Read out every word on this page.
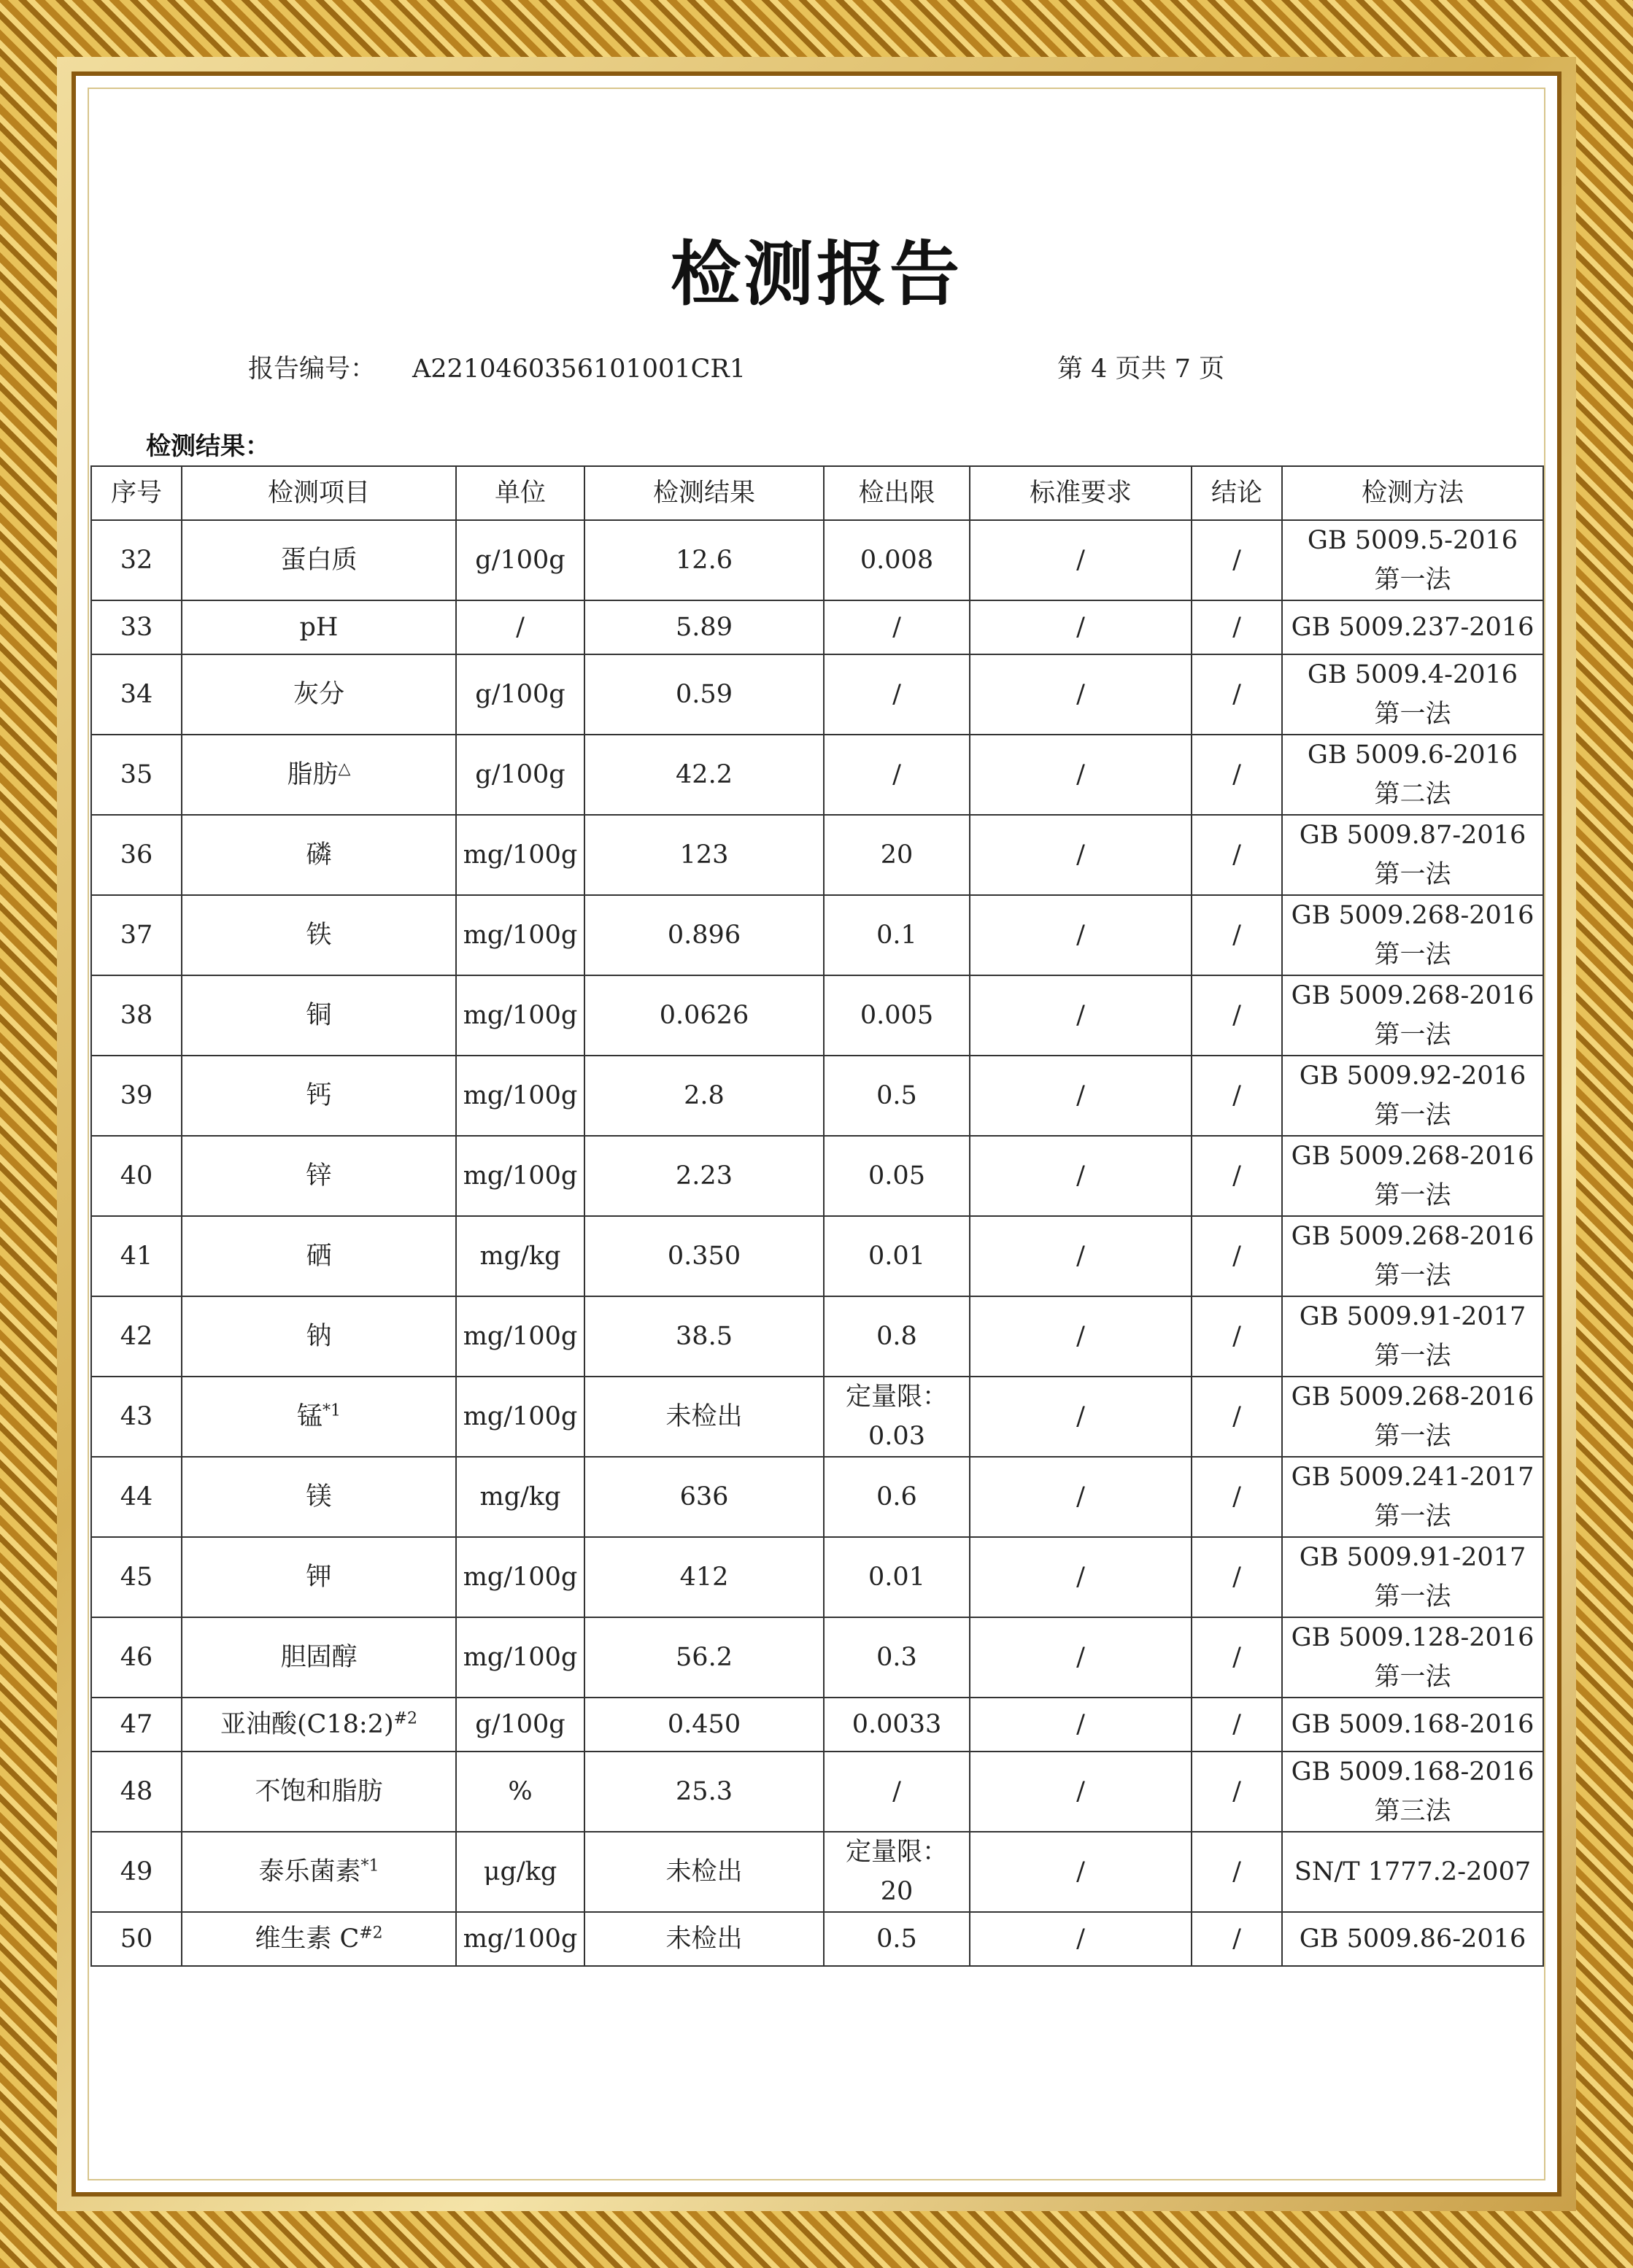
检测报告
报告编号： A2210460356101001CR1	第 4 页共 7 页
检测结果：
序号	检测项目	单位	检测结果	检出限	标准要求	结论	检测方法
32	蛋白质	g/100g	12.6	0.008	/	/	GB 5009.5-2016
第一法

33	pH	/	5.89	/	/	/	GB 5009.237-2016
34	灰分	g/100g	0.59	/	/	/	GB 5009.4-2016
第一法

35	脂肪△	g/100g	42.2	/	/	/	GB 5009.6-2016
第二法

36	磷	mg/100g	123	20	/	/	GB 5009.87-2016
第一法

37	铁	mg/100g	0.896	0.1	/	/	GB 5009.268-2016
第一法

38	铜	mg/100g	0.0626	0.005	/	/	GB 5009.268-2016
第一法

39	钙	mg/100g	2.8	0.5	/	/	GB 5009.92-2016
第一法

40	锌	mg/100g	2.23	0.05	/	/	GB 5009.268-2016
第一法

41	硒	mg/kg	0.350	0.01	/	/	GB 5009.268-2016
第一法

42	钠	mg/100g	38.5	0.8	/	/	GB 5009.91-2017
第一法

43	锰$^{*1}$	mg/100g	未检出	定量限：
0.03	/	/	GB 5009.268-2016
第一法

44	镁	mg/kg	636	0.6	/	/	GB 5009.241-2017
第一法

45	钾	mg/100g	412	0.01	/	/	GB 5009.91-2017
第一法

46	胆固醇	mg/100g	56.2	0.3	/	/	GB 5009.128-2016
第一法

47	亚油酸(C18:2)$^{\#2}$	g/100g	0.450	0.0033	/	/	GB 5009.168-2016
48	不饱和脂肪	%	25.3	/	/	/	GB 5009.168-2016
第三法

49	泰乐菌素$^{*1}$	μg/kg	未检出	定量限：
20	/	/	SN/T 1777.2-2007
50	维生素 $C^{\#2}$	mg/100g	未检出	0.5	/	/	GB 5009.86-2016
